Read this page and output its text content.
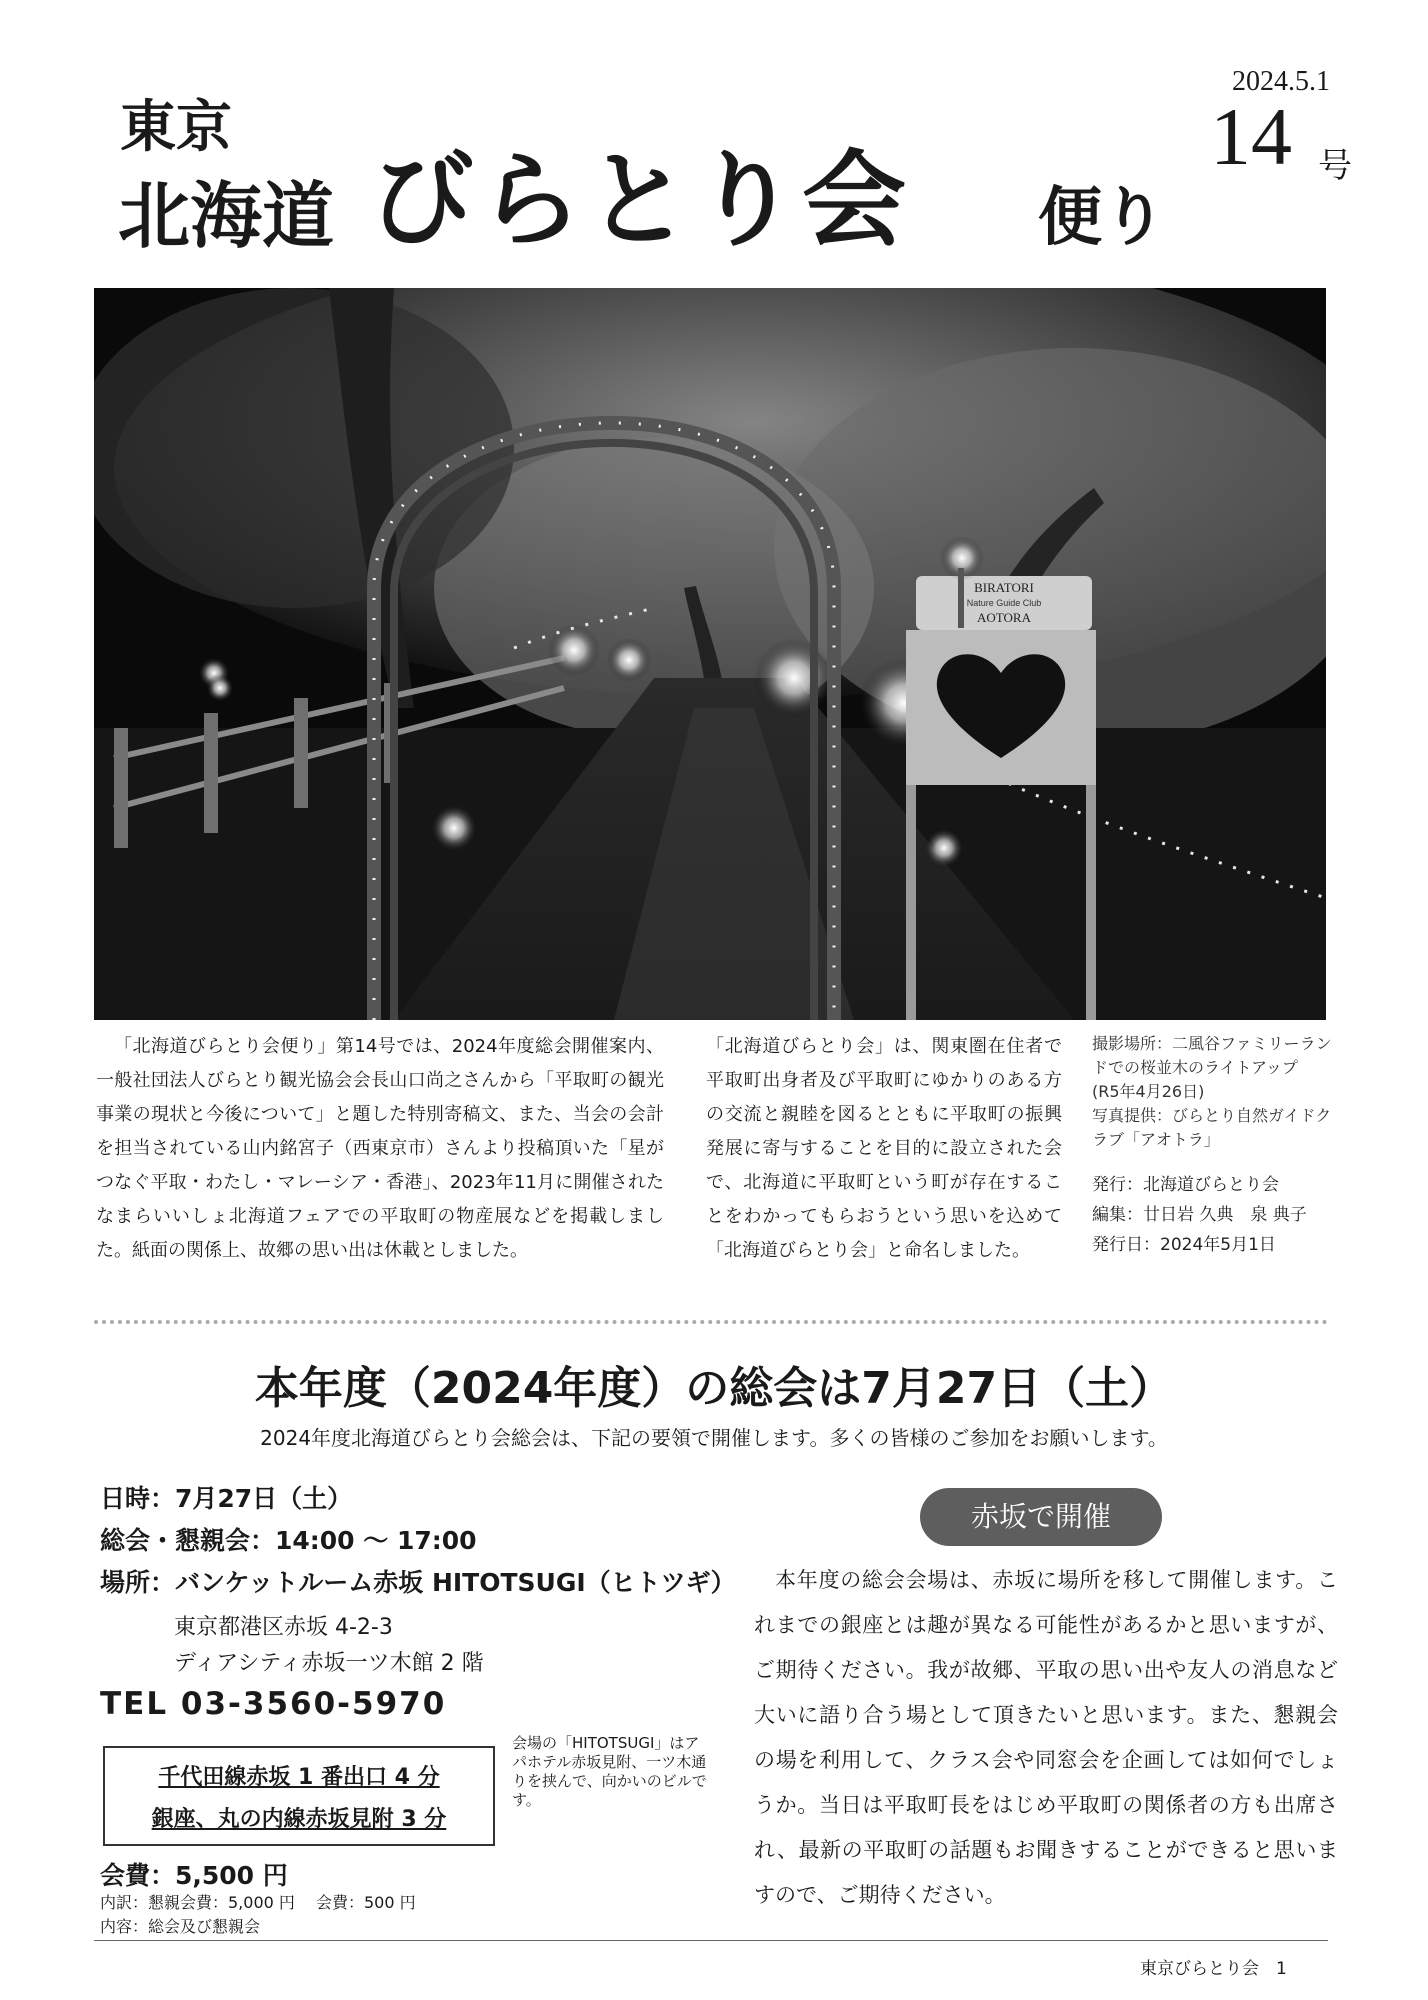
2024.5.1
14 号
東京
北海道 びらとり会 便り
BIRATORI
Nature Guide Club
AOTORA
「北海道びらとり会便り」第14号では、2024年度総会開催案内、一般社団法人びらとり観光協会会長山口尚之さんから「平取町の観光事業の現状と今後について」と題した特別寄稿文、また、当会の会計を担当されている山内銘宮子（西東京市）さんより投稿頂いた「星がつなぐ平取・わたし・マレーシア・香港」、2023年11月に開催されたなまらいいしょ北海道フェアでの平取町の物産展などを掲載しました。紙面の関係上、故郷の思い出は休載としました。
「北海道びらとり会」は、関東圏在住者で平取町出身者及び平取町にゆかりのある方の交流と親睦を図るとともに平取町の振興発展に寄与することを目的に設立された会で、北海道に平取町という町が存在することをわかってもらおうという思いを込めて「北海道びらとり会」と命名しました。
撮影場所：二風谷ファミリーランドでの桜並木のライトアップ
(R5年4月26日)
写真提供：びらとり自然ガイドクラブ「アオトラ」
発行：北海道びらとり会
編集：廿日岩 久典　泉 典子
発行日：2024年5月1日
本年度（2024年度）の総会は7月27日（土）
2024年度北海道びらとり会総会は、下記の要領で開催します。多くの皆様のご参加をお願いします。
日時：7月27日（土）
総会・懇親会：14:00 ～ 17:00
場所：バンケットルーム赤坂 HITOTSUGI（ヒトツギ）
東京都港区赤坂 4-2-3
ディアシティ赤坂一ツ木館 2 階
TEL 03-3560-5970
千代田線赤坂 1 番出口 4 分
銀座、丸の内線赤坂見附 3 分
会場の「HITOTSUGI」はアパホテル赤坂見附、一ツ木通りを挟んで、向かいのビルです。
会費：5,500 円
内訳：懇親会費：5,000 円　 会費：500 円
内容：総会及び懇親会
赤坂で開催
本年度の総会会場は、赤坂に場所を移して開催します。これまでの銀座とは趣が異なる可能性があるかと思いますが、ご期待ください。我が故郷、平取の思い出や友人の消息など大いに語り合う場として頂きたいと思います。また、懇親会の場を利用して、クラス会や同窓会を企画しては如何でしょうか。当日は平取町長をはじめ平取町の関係者の方も出席され、最新の平取町の話題もお聞きすることができると思いますので、ご期待ください。
東京びらとり会　1
